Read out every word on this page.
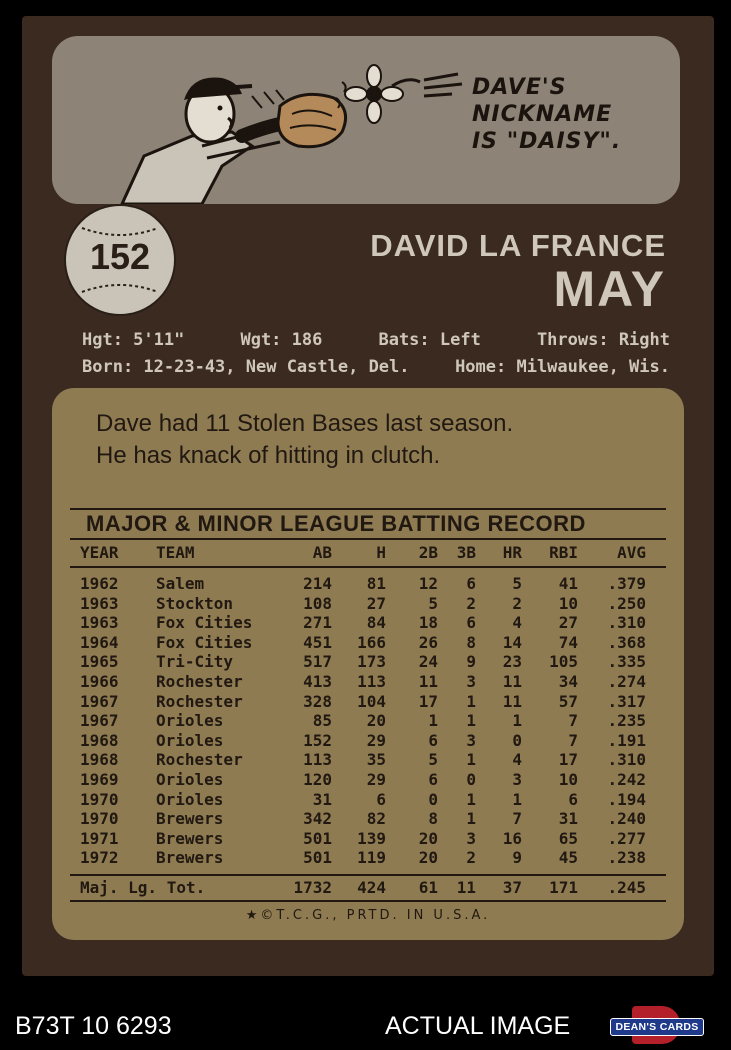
DAVE'S
NICKNAME
IS "DAISY".
152	DAVID LA FRANCE
MAY
Hgt: 5'11"	Wgt: 186	Bats: Left	Throws: Right
Born: 12-23-43, New Castle, Del.	Home: Milwaukee, Wis.
Dave had 11 Stolen Bases last season.
He has knack of hitting in clutch.
MAJOR & MINOR LEAGUE BATTING RECORD
YEAR	TEAM	AB	H	2B	3B	HR	RBI	AVG
1962	Salem	214	81	12	6	5	41	.379
1963	Stockton	108	27	5	2	2	10	.250
1963	Fox Cities	271	84	18	6	4	27	.310
1964	Fox Cities	451	166	26	8	14	74	.368
1965	Tri-City	517	173	24	9	23	105	.335
1966	Rochester	413	113	11	3	11	34	.274
1967	Rochester	328	104	17	1	11	57	.317
1967	Orioles	85	20	1	1	1	7	.235
1968	Orioles	152	29	6	3	0	7	.191
1968	Rochester	113	35	5	1	4	17	.310
1969	Orioles	120	29	6	0	3	10	.242
1970	Orioles	31	6	0	1	1	6	.194
1970	Brewers	342	82	8	1	7	31	.240
1971	Brewers	501	139	20	3	16	65	.277
1972	Brewers	501	119	20	2	9	45	.238
Maj. Lg. Tot.	1732	424	61	11	37	171	.245
★©T.C.G., PRTD. IN U.S.A.
B73T 10 6293	ACTUAL IMAGE	DEAN'S CARDS
